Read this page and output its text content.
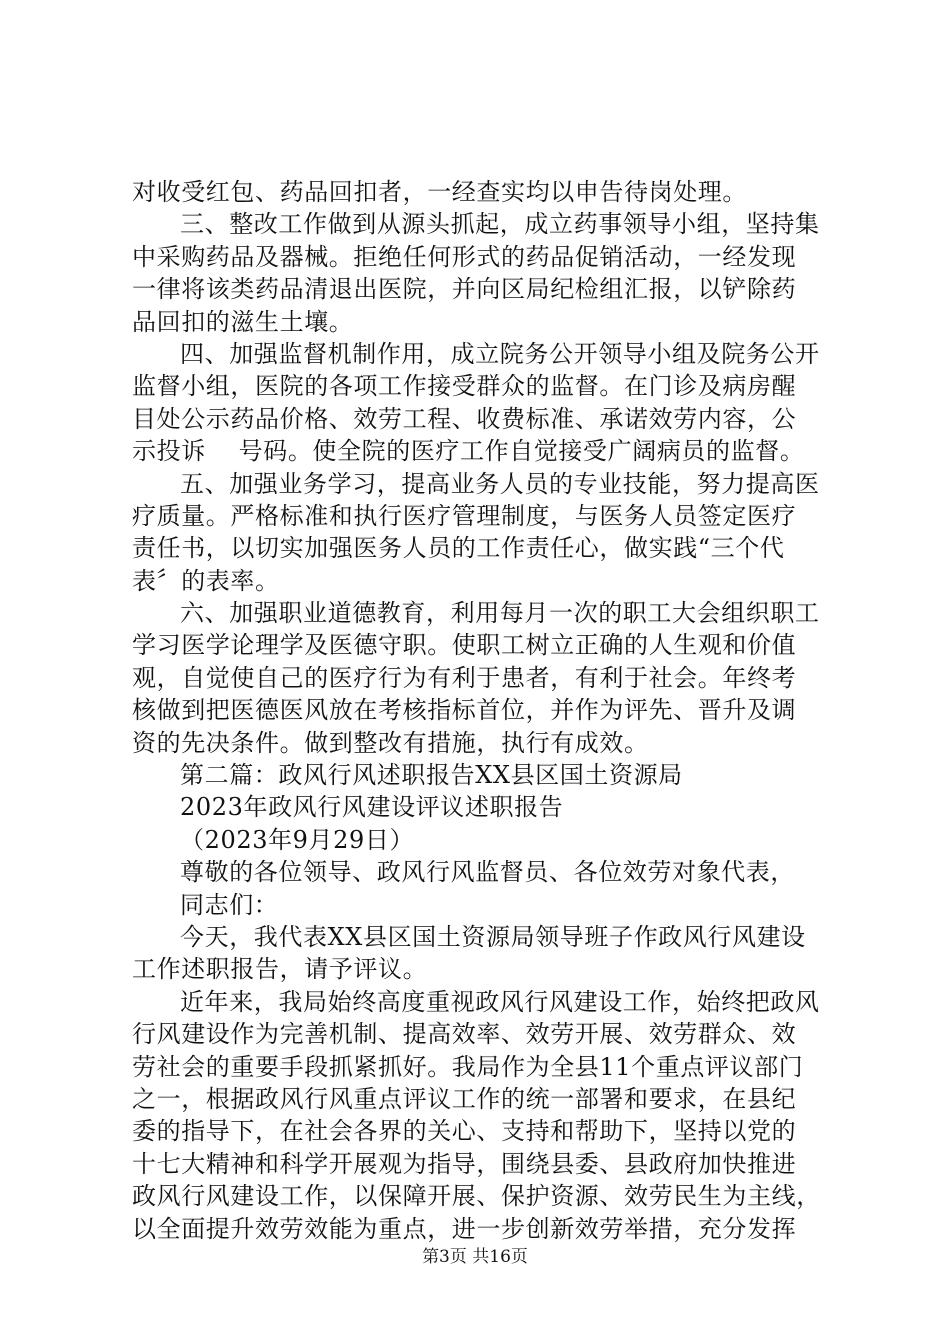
对收受红包、药品回扣者，一经查实均以申告待岗处理。
三、整改工作做到从源头抓起，成立药事领导小组，坚持集
中采购药品及器械。拒绝任何形式的药品促销活动，一经发现
一律将该类药品清退出医院，并向区局纪检组汇报，以铲除药
品回扣的滋生土壤。
四、加强监督机制作用，成立院务公开领导小组及院务公开
监督小组，医院的各项工作接受群众的监督。在门诊及病房醒
目处公示药品价格、效劳工程、收费标准、承诺效劳内容，公
示投诉　 号码。使全院的医疗工作自觉接受广阔病员的监督。
五、加强业务学习，提高业务人员的专业技能，努力提高医
疗质量。严格标准和执行医疗管理制度，与医务人员签定医疗
责任书，以切实加强医务人员的工作责任心，做实践“三个代
表〞的表率。
六、加强职业道德教育，利用每月一次的职工大会组织职工
学习医学论理学及医德守职。使职工树立正确的人生观和价值
观，自觉使自己的医疗行为有利于患者，有利于社会。年终考
核做到把医德医风放在考核指标首位，并作为评先、晋升及调
资的先决条件。做到整改有措施，执行有成效。
第二篇：政风行风述职报告XX县区国土资源局
2023年政风行风建设评议述职报告
（2023年9月29日）
尊敬的各位领导、政风行风监督员、各位效劳对象代表，
同志们：
今天，我代表XX县区国土资源局领导班子作政风行风建设
工作述职报告，请予评议。
近年来，我局始终高度重视政风行风建设工作，始终把政风
行风建设作为完善机制、提高效率、效劳开展、效劳群众、效
劳社会的重要手段抓紧抓好。我局作为全县11个重点评议部门
之一，根据政风行风重点评议工作的统一部署和要求，在县纪
委的指导下，在社会各界的关心、支持和帮助下，坚持以党的
十七大精神和科学开展观为指导，围绕县委、县政府加快推进
政风行风建设工作，以保障开展、保护资源、效劳民生为主线，
以全面提升效劳效能为重点，进一步创新效劳举措，充分发挥
第3页 共16页
